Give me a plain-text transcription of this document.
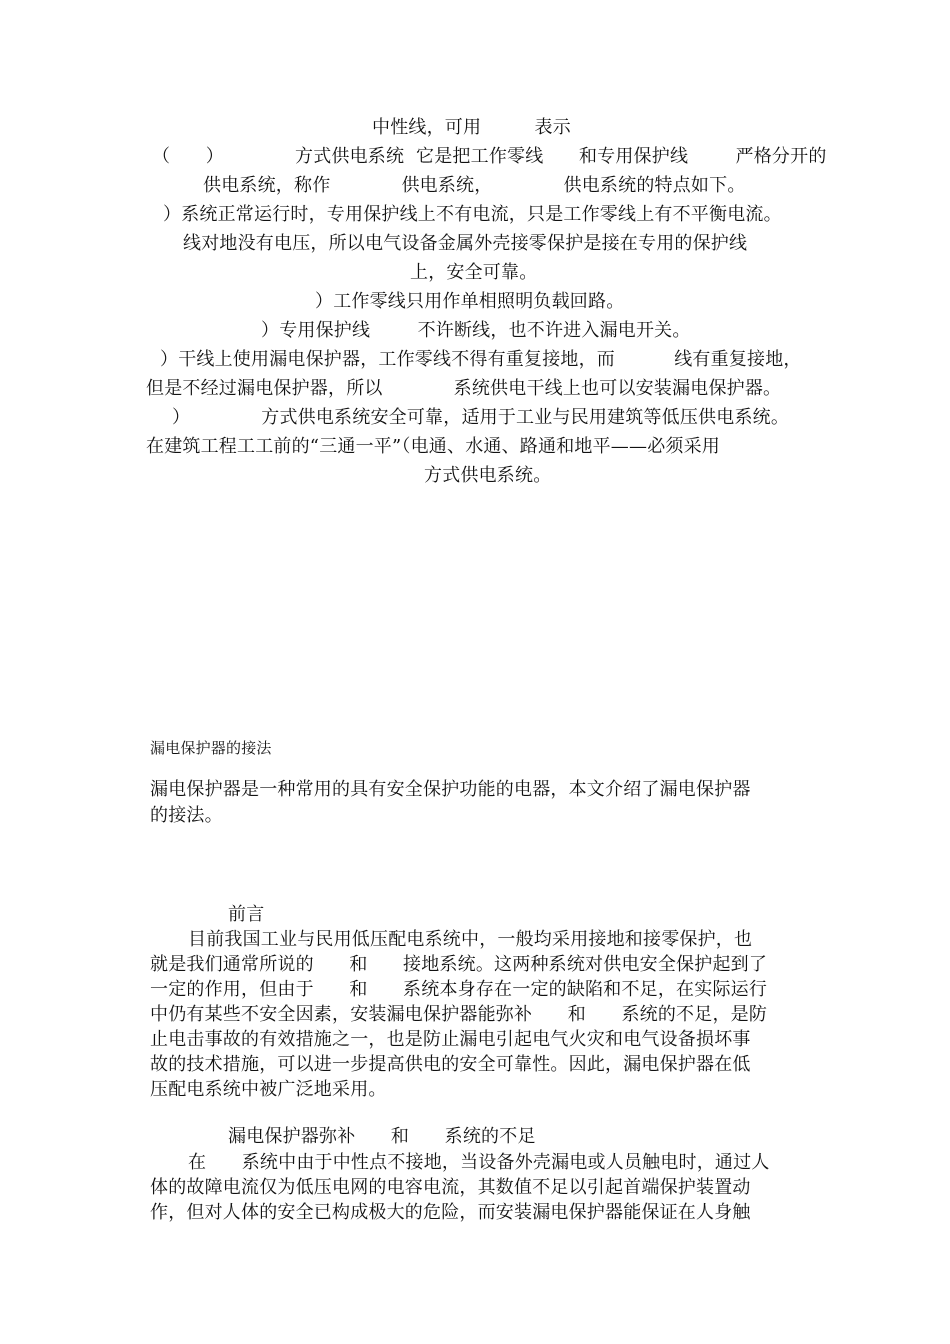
中性线，可用         表示
（      ）            方式供电系统  它是把工作零线      和专用保护线        严格分开的
供电系统，称作            供电系统，            供电系统的特点如下。
）系统正常运行时，专用保护线上不有电流，只是工作零线上有不平衡电流。
线对地没有电压，所以电气设备金属外壳接零保护是接在专用的保护线
上，安全可靠。
）工作零线只用作单相照明负载回路。
）专用保护线        不许断线，也不许进入漏电开关。
）干线上使用漏电保护器，工作零线不得有重复接地，而          线有重复接地，
但是不经过漏电保护器，所以            系统供电干线上也可以安装漏电保护器。
）            方式供电系统安全可靠，适用于工业与民用建筑等低压供电系统。
在建筑工程工工前的“三通一平”（电通、水通、路通和地平——必须采用
方式供电系统。
漏电保护器的接法
漏电保护器是一种常用的具有安全保护功能的电器，本文介绍了漏电保护器
的接法。
前言
目前我国工业与民用低压配电系统中，一般均采用接地和接零保护，也
就是我们通常所说的      和      接地系统。这两种系统对供电安全保护起到了
一定的作用，但由于      和      系统本身存在一定的缺陷和不足，在实际运行
中仍有某些不安全因素，安装漏电保护器能弥补      和      系统的不足，是防
止电击事故的有效措施之一，也是防止漏电引起电气火灾和电气设备损坏事
故的技术措施，可以进一步提高供电的安全可靠性。因此，漏电保护器在低
压配电系统中被广泛地采用。
漏电保护器弥补      和      系统的不足
在      系统中由于中性点不接地，当设备外壳漏电或人员触电时，通过人
体的故障电流仅为低压电网的电容电流，其数值不足以引起首端保护装置动
作，但对人体的安全已构成极大的危险，而安装漏电保护器能保证在人身触
